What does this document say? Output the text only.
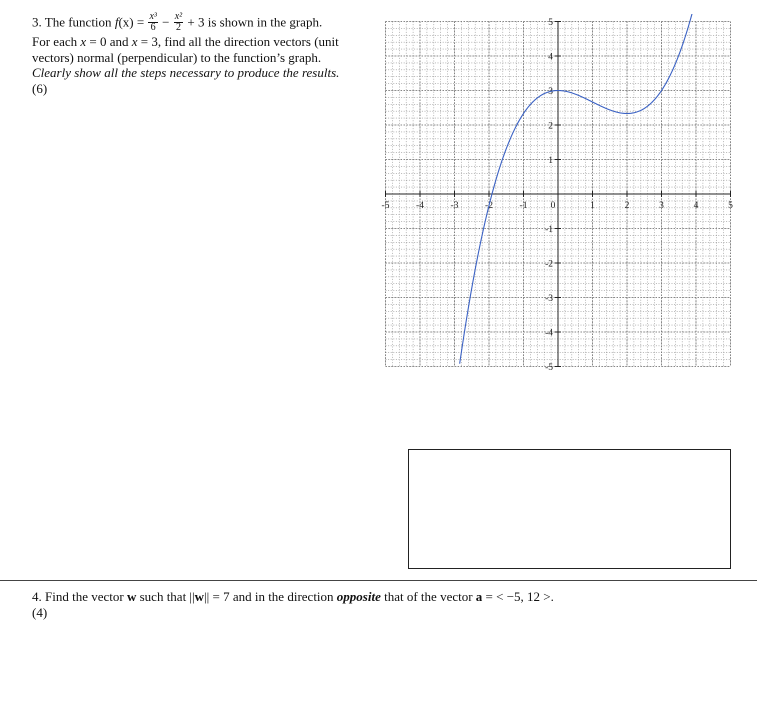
3. The function $f(x) = \frac{\text{x³}}{6} - \frac{\text{x²}}{2} + 3$ is shown in the graph.
For each x = 0 and x = 3, find all the direction vectors (unit
vectors) normal (perpendicular) to the function’s graph.
Clearly show all the steps necessary to produce the results.
(6)
-5	-4	-3	-2	-1 0	1	2	3	4	5
5
4
3
2
1
-1
-2
-3
-4
-5
4. Find the vector w such that ||w|| = 7 and in the direction opposite that of the vector a = < −5, 12 >.
(4)
